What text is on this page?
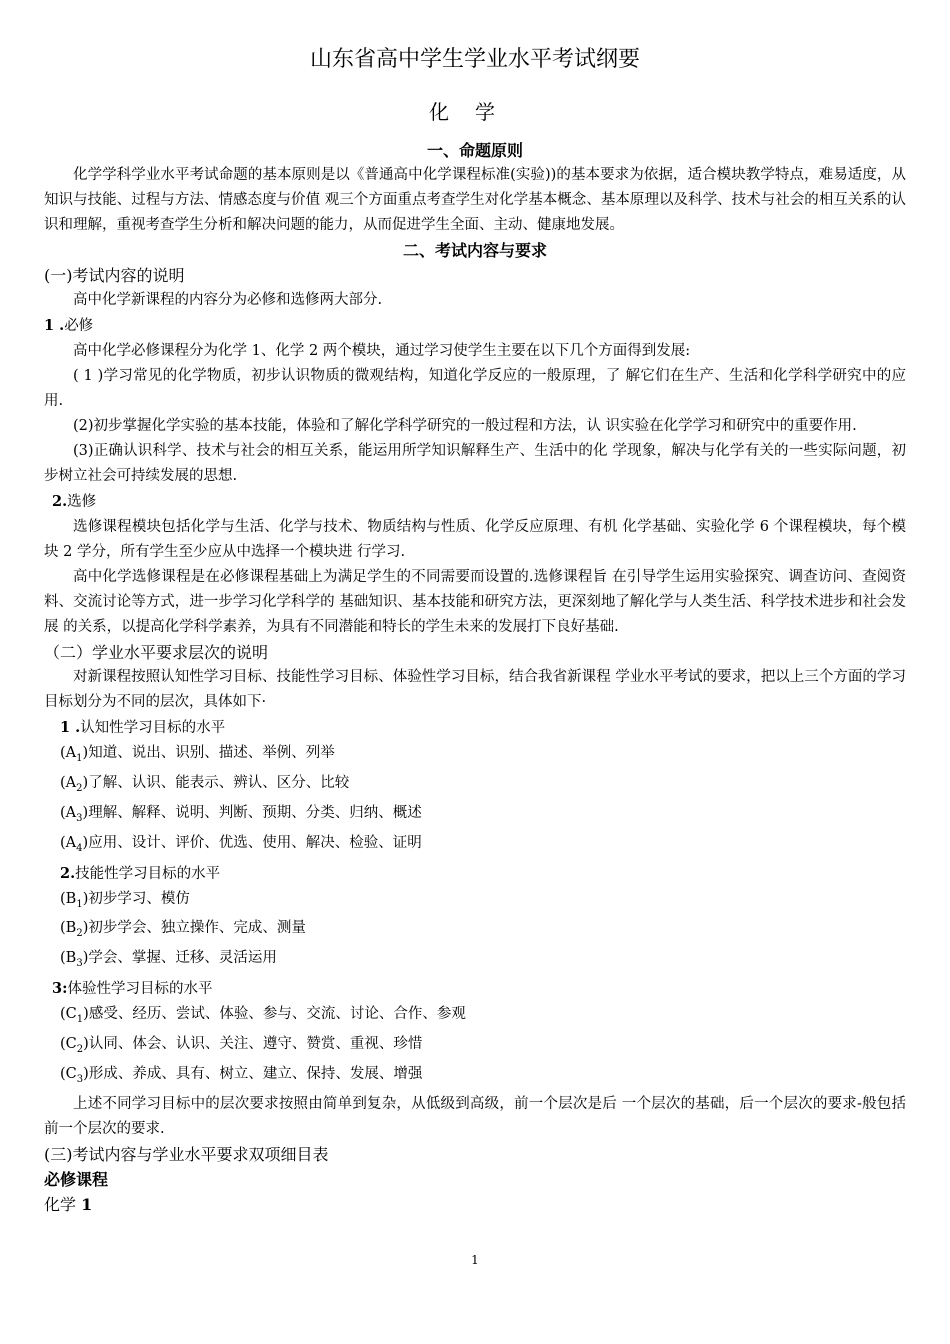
山东省高中学生学业水平考试纲要
化学
一、命题原则
化学学科学业水平考试命题的基本原则是以《普通高中化学课程标准(实验))的基本要求为依据，适合模块教学特点，难易适度，从知识与技能、过程与方法、情感态度与价值 观三个方面重点考查学生对化学基本概念、基本原理以及科学、技术与社会的相互关系的认识和理解，重视考查学生分析和解决问题的能力，从而促进学生全面、主动、健康地发展。
二、考试内容与要求
(一)考试内容的说明
高中化学新课程的内容分为必修和选修两大部分.
1 .必修
高中化学必修课程分为化学 1、化学 2 两个模块，通过学习使学生主要在以下几个方面得到发展:
( 1 )学习常见的化学物质，初步认识物质的微观结构，知道化学反应的一般原理，了 解它们在生产、生活和化学科学研究中的应用.
(2)初步掌握化学实验的基本技能，体验和了解化学科学研究的一般过程和方法，认 识实验在化学学习和研究中的重要作用.
(3)正确认识科学、技术与社会的相互关系，能运用所学知识解释生产、生活中的化 学现象，解决与化学有关的一些实际问题，初步树立社会可持续发展的思想.
2.选修
选修课程模块包括化学与生活、化学与技术、物质结构与性质、化学反应原理、有机 化学基础、实验化学 6 个课程模块，每个模块 2 学分，所有学生至少应从中选择一个模块进 行学习.
高中化学选修课程是在必修课程基础上为满足学生的不同需要而设置的.选修课程旨 在引导学生运用实验探究、调查访问、查阅资料、交流讨论等方式，进一步学习化学科学的 基础知识、基本技能和研究方法，更深刻地了解化学与人类生活、科学技术进步和社会发展 的关系，以提高化学科学素养，为具有不同潜能和特长的学生未来的发展打下良好基础.
（二）学业水平要求层次的说明
对新课程按照认知性学习目标、技能性学习目标、体验性学习目标，结合我省新课程 学业水平考试的要求，把以上三个方面的学习目标划分为不同的层次，具体如下·
1 .认知性学习目标的水平
$(A_1)$知道、说出、识别、描述、举例、列举
$(A_2)$了解、认识、能表示、辨认、区分、比较
$(A_3)$理解、解释、说明、判断、预期、分类、归纳、概述
$(A_4)$应用、设计、评价、优选、使用、解决、检验、证明
2.技能性学习目标的水平
$(B_1)$初步学习、模仿
$(B_2)$初步学会、独立操作、完成、测量
$(B_3)$学会、掌握、迁移、灵活运用
3:体验性学习目标的水平
$(C_1)$感受、经历、尝试、体验、参与、交流、讨论、合作、参观
$(C_2)$认同、体会、认识、关注、遵守、赞赏、重视、珍惜
$(C_3)$形成、养成、具有、树立、建立、保持、发展、增强
上述不同学习目标中的层次要求按照由简单到复杂，从低级到高级，前一个层次是后 一个层次的基础，后一个层次的要求-般包括前一个层次的要求.
(三)考试内容与学业水平要求双项细目表
必修课程
化学 1
1
